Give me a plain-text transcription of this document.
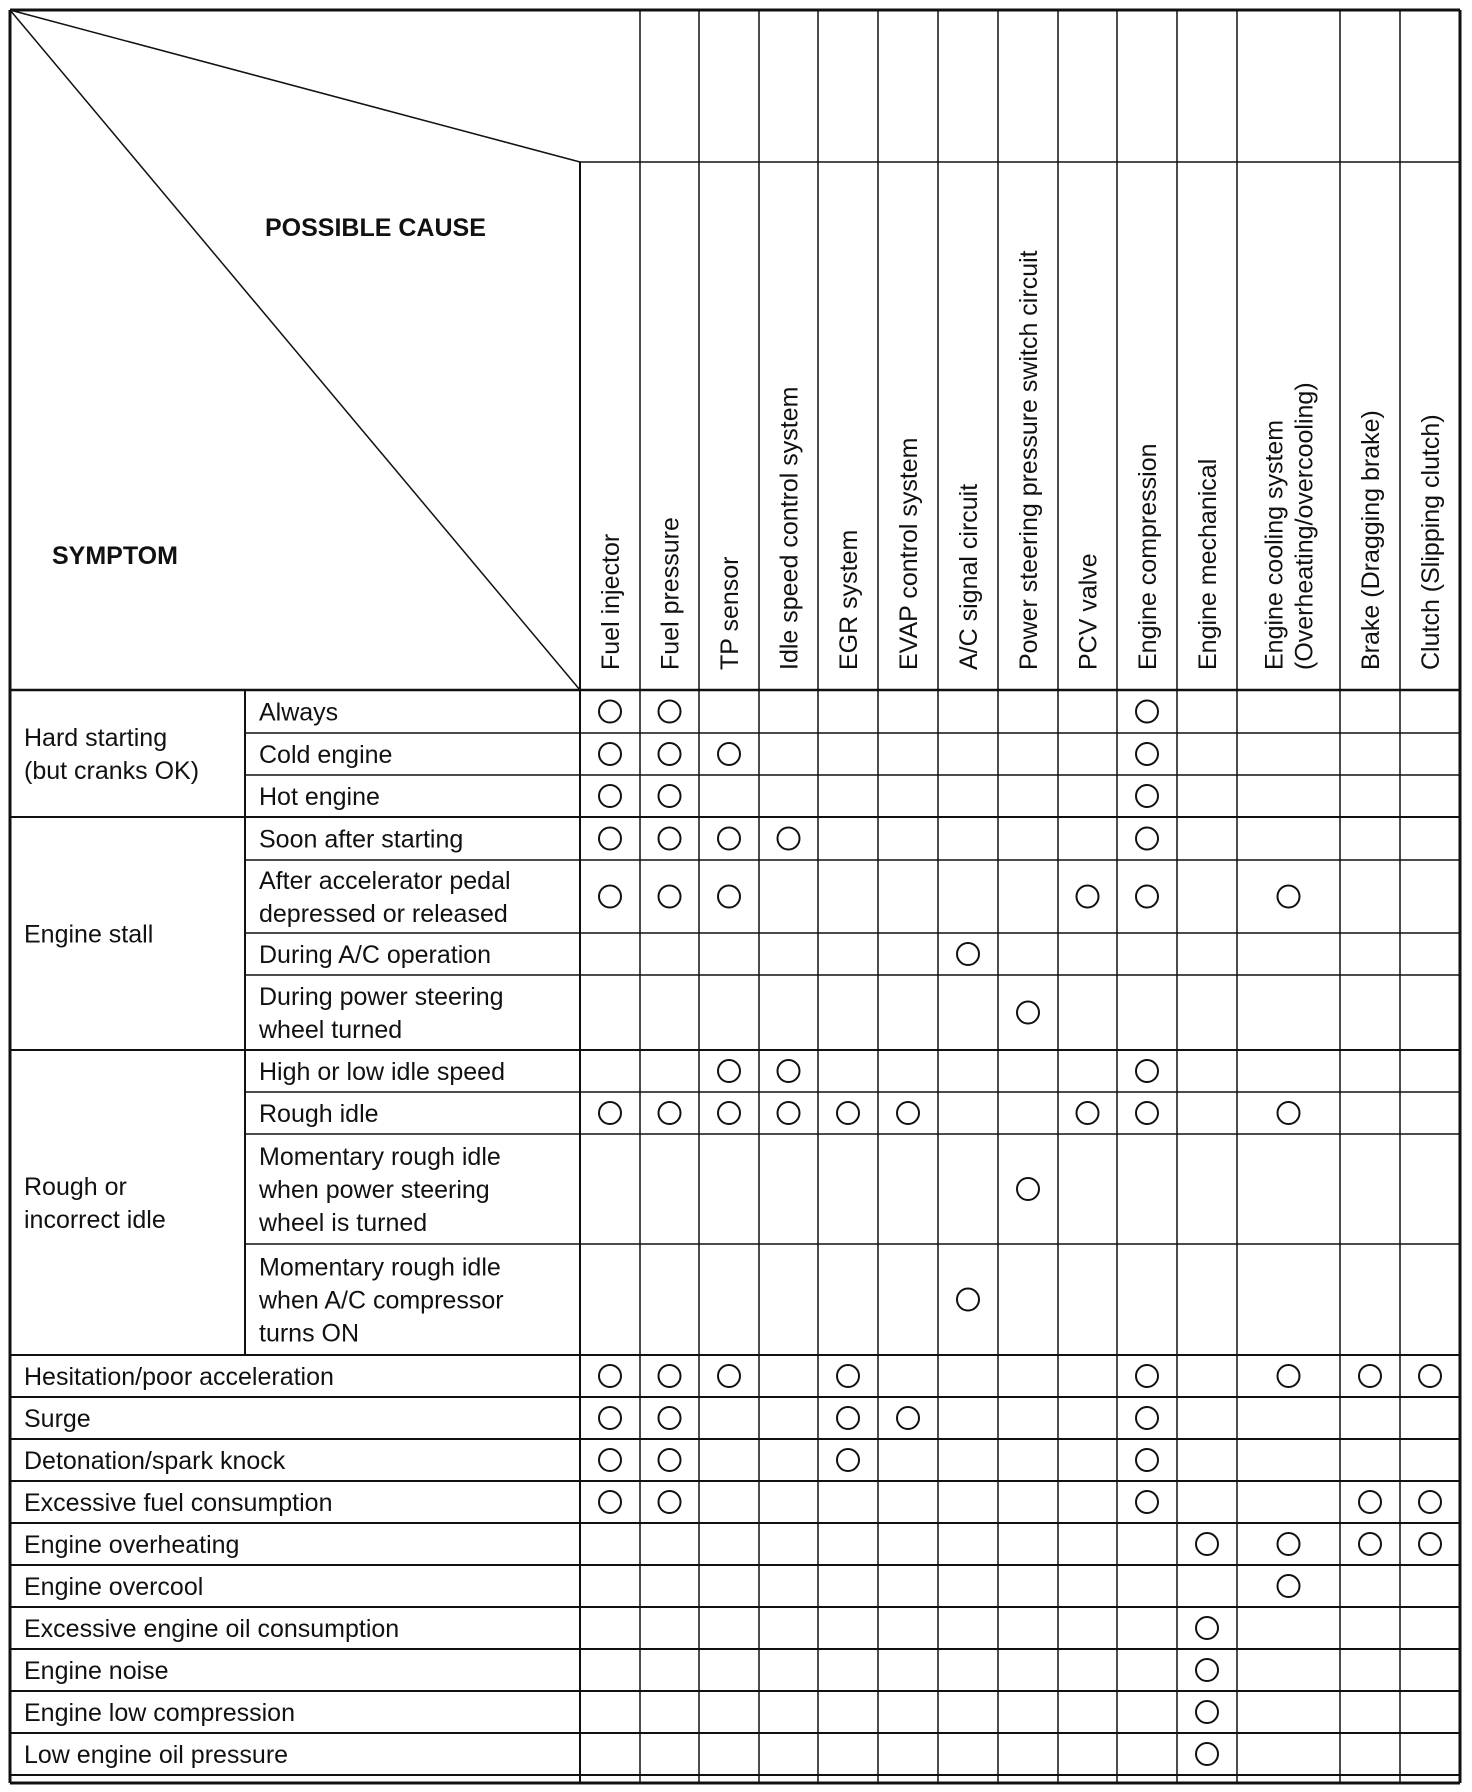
POSSIBLE CAUSE
SYMPTOM	Fuel injector Fuel pressure TP sensor Idle speed control system EGR system EVAP control system A/C signal circuit Power steering pressure switch circuit PCV valve Engine compression Engine mechanical Engine cooling system (Overheating/overcooling) Brake (Dragging brake) Clutch (Slipping clutch)
Always
Cold engine
Hot engine
Hard starting
(but cranks OK)
Soon after starting
After accelerator pedal
depressed or released
During A/C operation
During power steering
wheel turned
Engine stall
High or low idle speed
Rough idle
Momentary rough idle
when power steering
wheel is turned
Momentary rough idle
when A/C compressor
turns ON
Rough or
incorrect idle
Hesitation/poor acceleration
Surge
Detonation/spark knock
Excessive fuel consumption
Engine overheating
Engine overcool
Excessive engine oil consumption
Engine noise
Engine low compression
Low engine oil pressure
